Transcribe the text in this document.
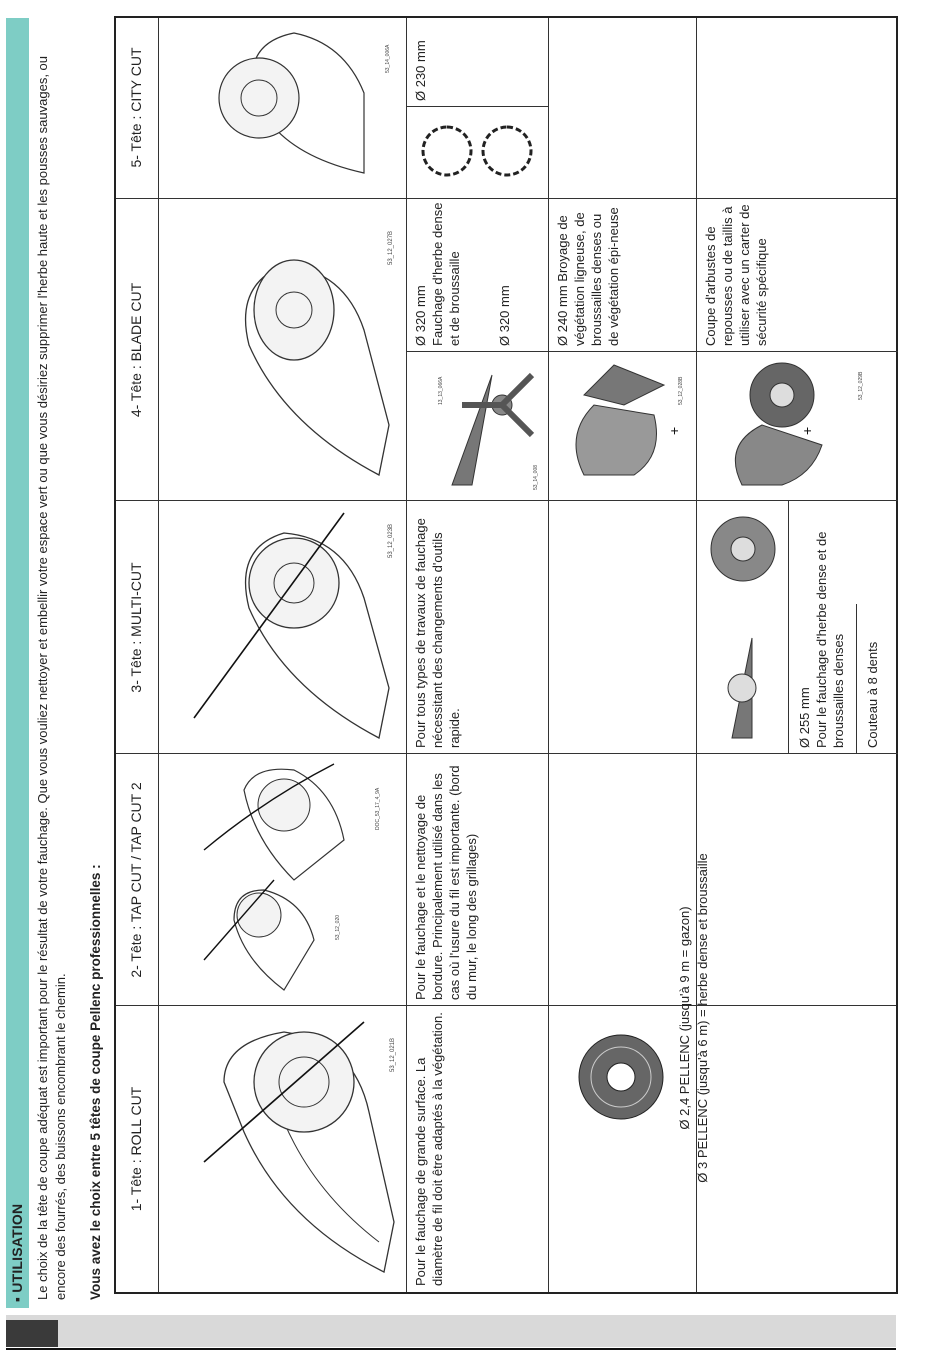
▪ UTILISATION Le choix de la tête de coupe adéquat est important pour le résultat de votre fauchage. Que vous vouliez nettoyer et embellir votre espace vert ou que vous désiriez supprimer l'herbe haute et les pousses sauvages, ou encore des fourrés, des buissons encombrant le chemin. Vous avez le choix entre 5 têtes de coupe Pellenc professionnelles : 1- Tête : ROLL CUT
2- Tête : TAP CUT / TAP CUT 2
3- Tête : MULTI-CUT
4- Tête : BLADE CUT
5- Tête : CITY CUT
53_12_021B
53_12_020
DOC_53_17_4_9A
53_12_023B
53_12_027B
53_14_006A
Pour le fauchage de grande surface. La diamètre de fil doit être adaptés à la végétation.
Pour le fauchage et le nettoyage de bordure. Principalement utilisé dans les cas où l'usure du fil est importante. (bord du mur, le long des grillages)
Pour tous types de travaux de fauchage nécessitant des changements d'outils rapide.
53_14_008
13_13_066A
Ø 320 mm Fauchage d'herbe dense et de broussaille	Ø 320 mm
+
53_12_028B
Ø 240 mm Broyage de végétation ligneuse, de broussailles denses ou de végétation épi-neuse
+
53_12_029B
Coupe d'arbustes de repousses ou de taillis à utiliser avec un carter de sécurité spécifique
Ø 230 mm
Ø 2,4 PELLENC (jusqu'à 9 m = gazon) Ø 3 PELLENC (jusqu'à 6 m) = herbe dense et broussaille
Ø 255 mm Pour le fauchage d'herbe dense et de broussailles denses Couteau à 8 dents
